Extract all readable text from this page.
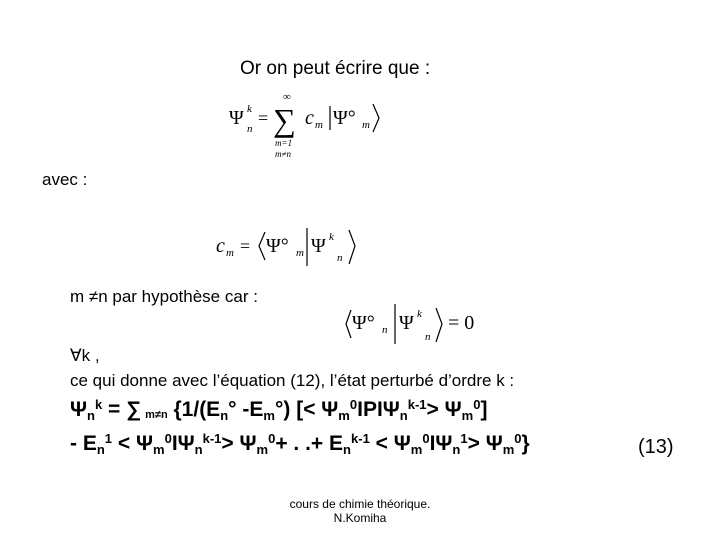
Or on peut écrire que :
Ψ k
n
=
∞
∑
m=1
m≠n
c m Ψ° m
avec :
c m = Ψ° m Ψ k
n
m ≠n par hypothèse car :
Ψ° n Ψ k
n
= 0
∀k ,
ce qui donne avec l’équation (12), l’état perturbé d’ordre k :
$\Psi_n^k$ = ∑ m≠n {$1/(E_n^\circ$ $-E_m^\circ$) [< $\Psi_m^0IPI\Psi_n^{k-1}> \Psi_m^0$]
- $E_n^1 < \Psi_m^0I\Psi_n^{k-1}> \Psi_m^0+$ . .+ $E_n^{k-1} < \Psi_m^0I\Psi_n^1> \Psi_m^0$}	(13)
cours de chimie théorique.
N.Komiha
